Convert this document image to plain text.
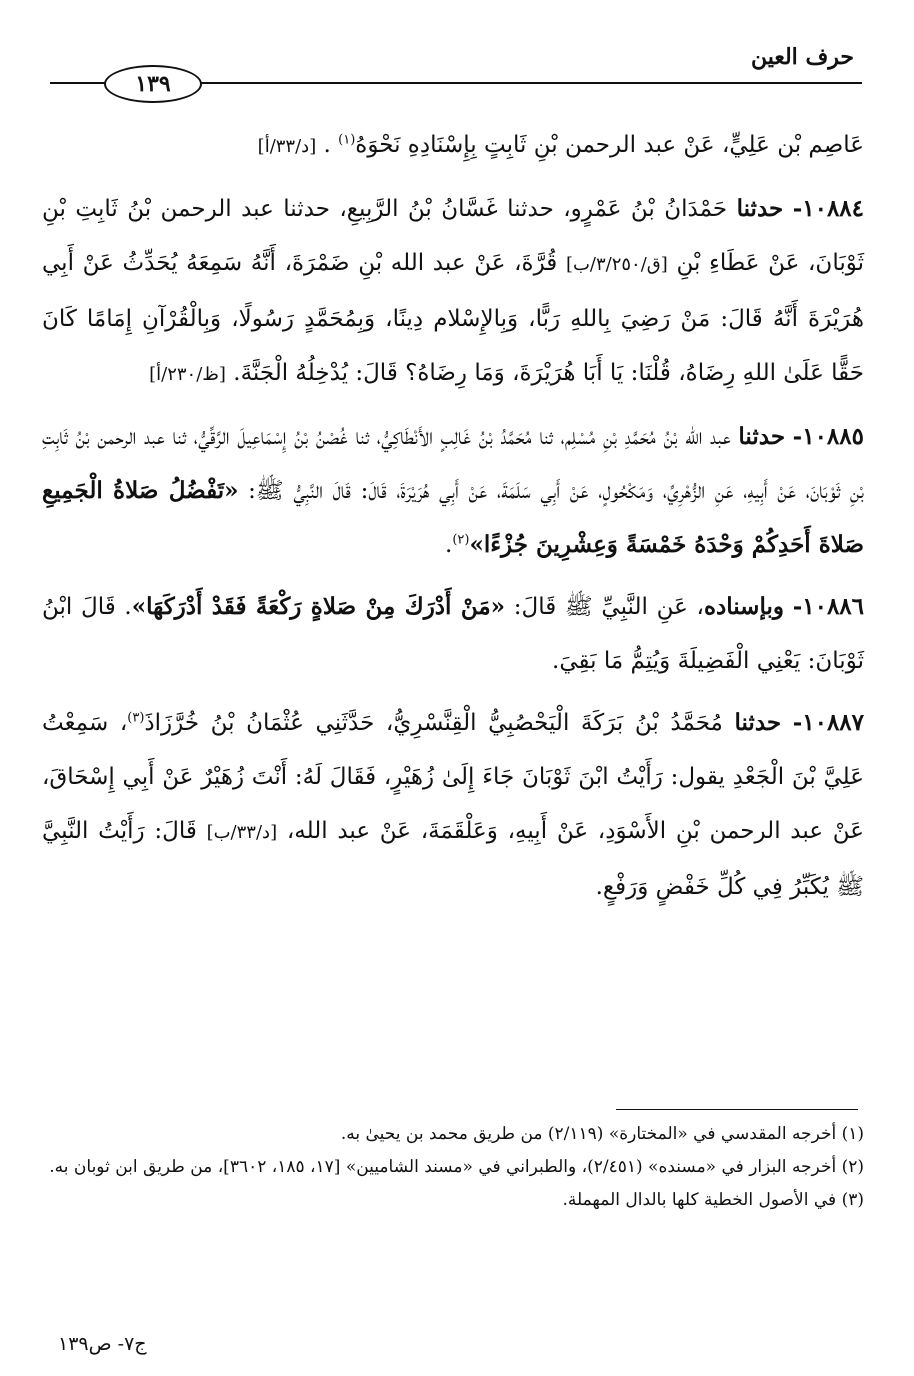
حرف العين
١٣٩

عَاصِم بْن عَلِيٍّ، عَنْ عبد الرحمن بْنِ ثَابِتٍ بِإِسْنَادِهِ نَحْوَهُ$^{(١)}$ . [د/٣٣/أ]

١٠٨٨٤- حدثنا حَمْدَانُ بْنُ عَمْرٍو، حدثنا غَسَّانُ بْنُ الرَّبِيعِ، حدثنا عبد الرحمن بْنُ ثَابِتِ بْنِ ثَوْبَانَ، عَنْ عَطَاءِ بْنِ [ق/٣/٢٥٠/ب] قُرَّةَ، عَنْ عبد الله بْنِ ضَمْرَةَ، أَنَّهُ سَمِعَهُ يُحَدِّثُ عَنْ أَبِي هُرَيْرَةَ أَنَّهُ قَالَ: مَنْ رَضِيَ بِاللهِ رَبًّا، وَبِالإِسْلام دِينًا، وَبِمُحَمَّدٍ رَسُولًا، وَبِالْقُرْآنِ إِمَامًا كَانَ حَقًّا عَلَىٰ اللهِ رِضَاهُ، قُلْنَا: يَا أَبَا هُرَيْرَةَ، وَمَا رِضَاهُ؟ قَالَ: يُدْخِلُهُ الْجَنَّةَ. [ظ/٢٣٠/أ]

١٠٨٨٥- حدثنا عبد الله بْنُ مُحَمَّدِ بْنِ مُسْلِم، ثنا مُحَمَّدُ بْنُ غَالِبٍ الأَنْطَاكِيُّ، ثنا غُصْنُ بْنُ إِسْمَاعِيلَ الرَّقِّيُّ، ثنا عبد الرحمن بْنُ ثَابِتِ بْنِ ثَوْبَانَ، عَنْ أَبِيهِ، عَنِ الزُّهْرِيِّ، وَمَكْحُولٍ، عَنْ أَبِي سَلَمَةَ، عَنْ أَبِي هُرَيْرَةَ، قَالَ: قَالَ النَّبِيُّ ﷺ: «تَفْضُلُ صَلاةُ الْجَمِيعِ صَلاةَ أَحَدِكُمْ وَحْدَهُ خَمْسَةً وَعِشْرِينَ جُزْءًا»$^{(٢)}$.

١٠٨٨٦- وبإسناده، عَنِ النَّبِيِّ ﷺ قَالَ: «مَنْ أَدْرَكَ مِنْ صَلاةٍ رَكْعَةً فَقَدْ أَدْرَكَهَا». قَالَ ابْنُ ثَوْبَانَ: يَعْنِي الْفَضِيلَةَ وَيُتِمُّ مَا بَقِيَ.

١٠٨٨٧- حدثنا مُحَمَّدُ بْنُ بَرَكَةَ الْيَحْصُبِيُّ الْقِنَّسْرِيُّ، حَدَّثَنِي عُثْمَانُ بْنُ خُرَّزَاذَ$^{(٣)}$، سَمِعْتُ عَلِيَّ بْنَ الْجَعْدِ يقول: رَأَيْتُ ابْنَ ثَوْبَانَ جَاءَ إِلَىٰ زُهَيْرٍ، فَقَالَ لَهُ: أَنْتَ زُهَيْرٌ عَنْ أَبِي إِسْحَاقَ، عَنْ عبد الرحمن بْنِ الأَسْوَدِ، عَنْ أَبِيهِ، وَعَلْقَمَةَ، عَنْ عبد الله، [د/٣٣/ب] قَالَ: رَأَيْتُ النَّبِيَّ ﷺ يُكَبِّرُ فِي كُلِّ خَفْضٍ وَرَفْعٍ.

(١) أخرجه المقدسي في «المختارة» (٢/١١٩) من طريق محمد بن يحيىٰ به.

(٢) أخرجه البزار في «مسنده» (٢/٤٥١)، والطبراني في «مسند الشاميين» [١٧، ١٨٥، ٣٦٠٢]، من طريق ابن ثوبان به.

(٣) في الأصول الخطية كلها بالدال المهملة.

ج٧- ص١٣٩
